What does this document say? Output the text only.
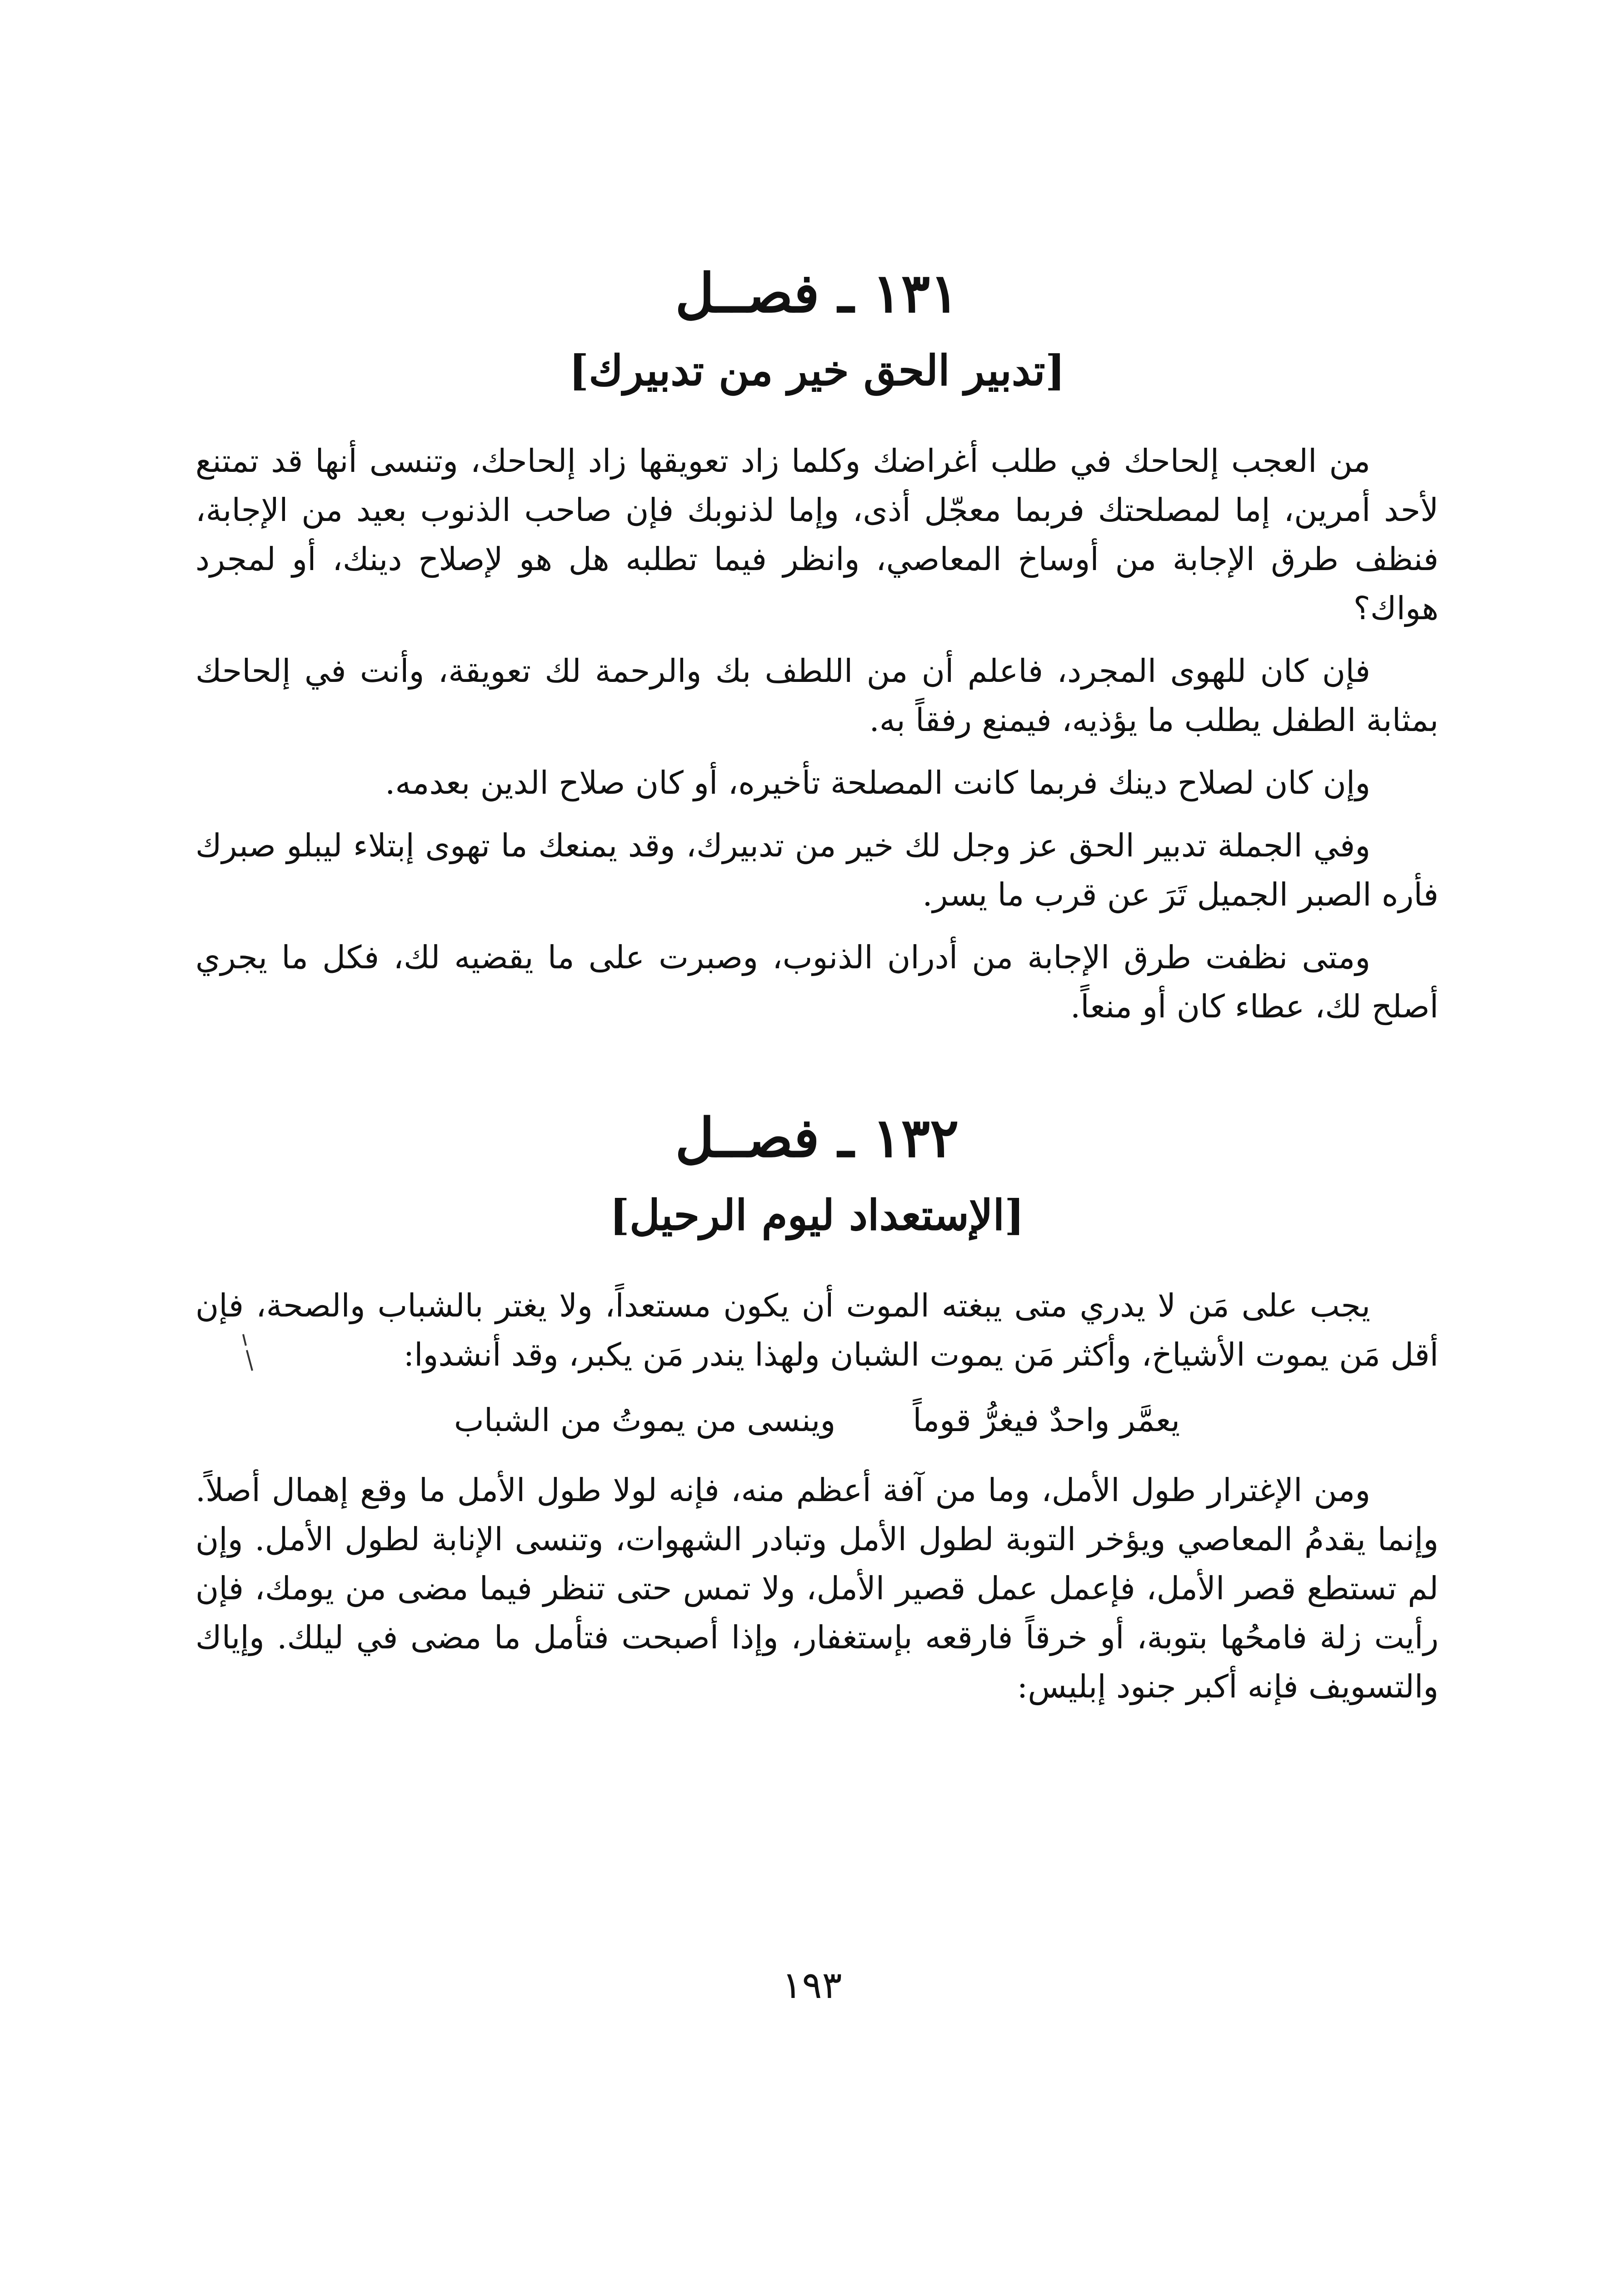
١٣١ ـ فصــل
[تدبير الحق خير من تدبيرك]

من العجب إلحاحك في طلب أغراضك وكلما زاد تعويقها زاد إلحاحك، وتنسى أنها قد تمتنع لأحد أمرين، إما لمصلحتك فربما معجّل أذى، وإما لذنوبك فإن صاحب الذنوب بعيد من الإجابة، فنظف طرق الإجابة من أوساخ المعاصي، وانظر فيما تطلبه هل هو لإصلاح دينك، أو لمجرد هواك؟

فإن كان للهوى المجرد، فاعلم أن من اللطف بك والرحمة لك تعويقة، وأنت في إلحاحك بمثابة الطفل يطلب ما يؤذيه، فيمنع رفقاً به.

وإن كان لصلاح دينك فربما كانت المصلحة تأخيره، أو كان صلاح الدين بعدمه.

وفي الجملة تدبير الحق عز وجل لك خير من تدبيرك، وقد يمنعك ما تهوى إبتلاء ليبلو صبرك فأره الصبر الجميل تَرَ عن قرب ما يسر.

ومتى نظفت طرق الإجابة من أدران الذنوب، وصبرت على ما يقضيه لك، فكل ما يجري أصلح لك، عطاء كان أو منعاً.

١٣٢ ـ فصــل
[الإستعداد ليوم الرحيل]

يجب على مَن لا يدري متى يبغته الموت أن يكون مستعداً، ولا يغتر بالشباب والصحة، فإن أقل مَن يموت الأشياخ، وأكثر مَن يموت الشبان ولهذا يندر مَن يكبر، وقد أنشدوا:

يعمَّر واحدٌ فيغرُّ قوماً
وينسى من يموتُ من الشباب

ومن الإغترار طول الأمل، وما من آفة أعظم منه، فإنه لولا طول الأمل ما وقع إهمال أصلاً. وإنما يقدمُ المعاصي ويؤخر التوبة لطول الأمل وتبادر الشهوات، وتنسى الإنابة لطول الأمل. وإن لم تستطع قصر الأمل، فإعمل عمل قصير الأمل، ولا تمس حتى تنظر فيما مضى من يومك، فإن رأيت زلة فامحُها بتوبة، أو خرقاً فارقعه بإستغفار، وإذا أصبحت فتأمل ما مضى في ليلك. وإياك والتسويف فإنه أكبر جنود إبليس:

١٩٣
